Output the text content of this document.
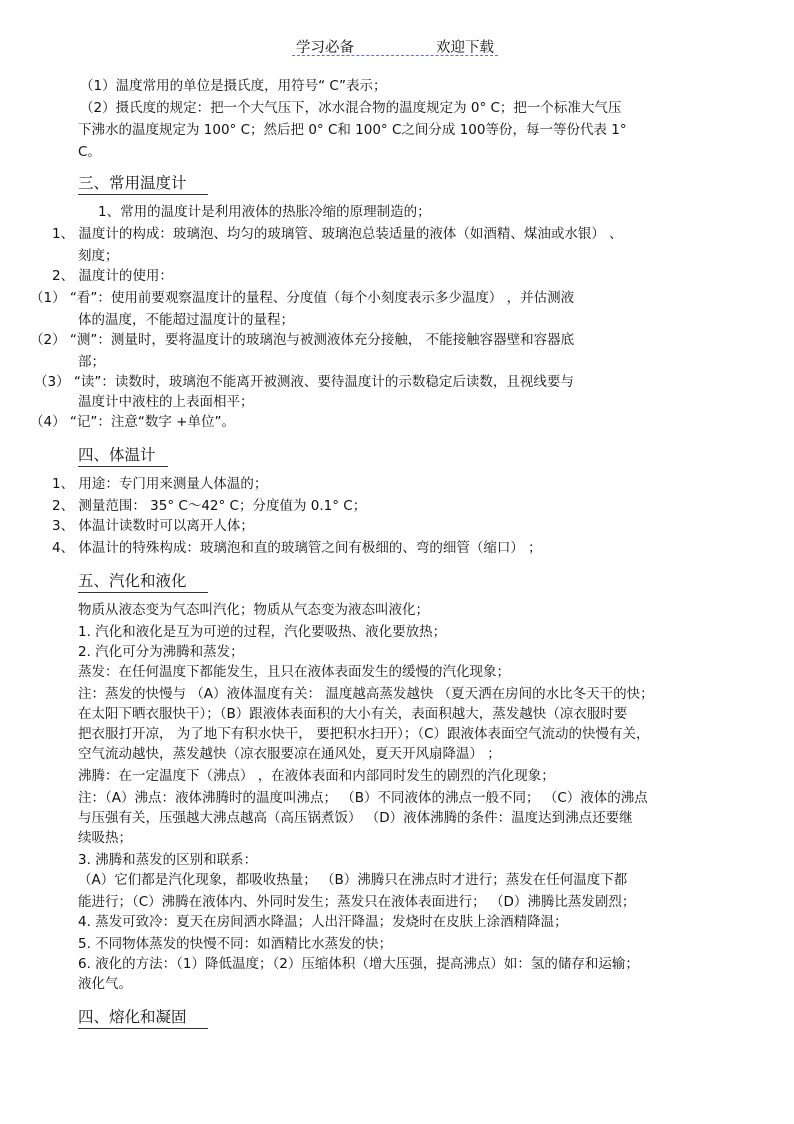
学习必备	欢迎下载
（1）温度常用的单位是摄氏度，用符号“ C”表示；
（2）摄氏度的规定：把一个大气压下，冰水混合物的温度规定为 0° C；把一个标准大气压
下沸水的温度规定为 100° C；然后把 0° C和 100° C之间分成 100等份，每一等份代表 1°
C。
1、常用的温度计是利用液体的热胀冷缩的原理制造的；
1、 温度计的构成：玻璃泡、均匀的玻璃管、玻璃泡总装适量的液体（如酒精、煤油或水银） 、
刻度；
2、 温度计的使用：
（1） “看”：使用前要观察温度计的量程、分度值（每个小刻度表示多少温度） ，并估测液
体的温度，不能超过温度计的量程；
（2） “测”：测量时，要将温度计的玻璃泡与被测液体充分接触， 不能接触容器壁和容器底
部；
（3） “读”：读数时，玻璃泡不能离开被测液、要待温度计的示数稳定后读数，且视线要与
温度计中液柱的上表面相平；
（4） “记”：注意“数字 +单位”。
1、 用途：专门用来测量人体温的；
2、 测量范围： 35° C～42° C；分度值为 0.1° C；
3、 体温计读数时可以离开人体；
4、 体温计的特殊构成：玻璃泡和直的玻璃管之间有极细的、弯的细管（缩口） ；
物质从液态变为气态叫汽化；物质从气态变为液态叫液化；
1. 汽化和液化是互为可逆的过程，汽化要吸热、液化要放热；
2. 汽化可分为沸腾和蒸发；
蒸发：在任何温度下都能发生，且只在液体表面发生的缓慢的汽化现象；
注：蒸发的快慢与 （A）液体温度有关： 温度越高蒸发越快 （夏天洒在房间的水比冬天干的快；
在太阳下晒衣服快干）；（B）跟液体表面积的大小有关，表面积越大，蒸发越快（凉衣服时要
把衣服打开凉， 为了地下有积水快干， 要把积水扫开）；（C）跟液体表面空气流动的快慢有关，
空气流动越快，蒸发越快（凉衣服要凉在通风处，夏天开风扇降温） ；
沸腾：在一定温度下（沸点） ，在液体表面和内部同时发生的剧烈的汽化现象；
注：（A）沸点：液体沸腾时的温度叫沸点； （B）不同液体的沸点一般不同； （C）液体的沸点
与压强有关，压强越大沸点越高（高压锅煮饭） （D）液体沸腾的条件：温度达到沸点还要继
续吸热；
3. 沸腾和蒸发的区别和联系：
（A）它们都是汽化现象，都吸收热量； （B）沸腾只在沸点时才进行；蒸发在任何温度下都
能进行；（C）沸腾在液体内、外同时发生；蒸发只在液体表面进行； （D）沸腾比蒸发剧烈；
4. 蒸发可致冷：夏天在房间洒水降温；人出汗降温；发烧时在皮肤上涂酒精降温；
5. 不同物体蒸发的快慢不同：如酒精比水蒸发的快；
6. 液化的方法：（1）降低温度；（2）压缩体积（增大压强，提高沸点）如：氢的储存和运输；
液化气。
三、常用温度计
四、体温计
五、汽化和液化
四、熔化和凝固
